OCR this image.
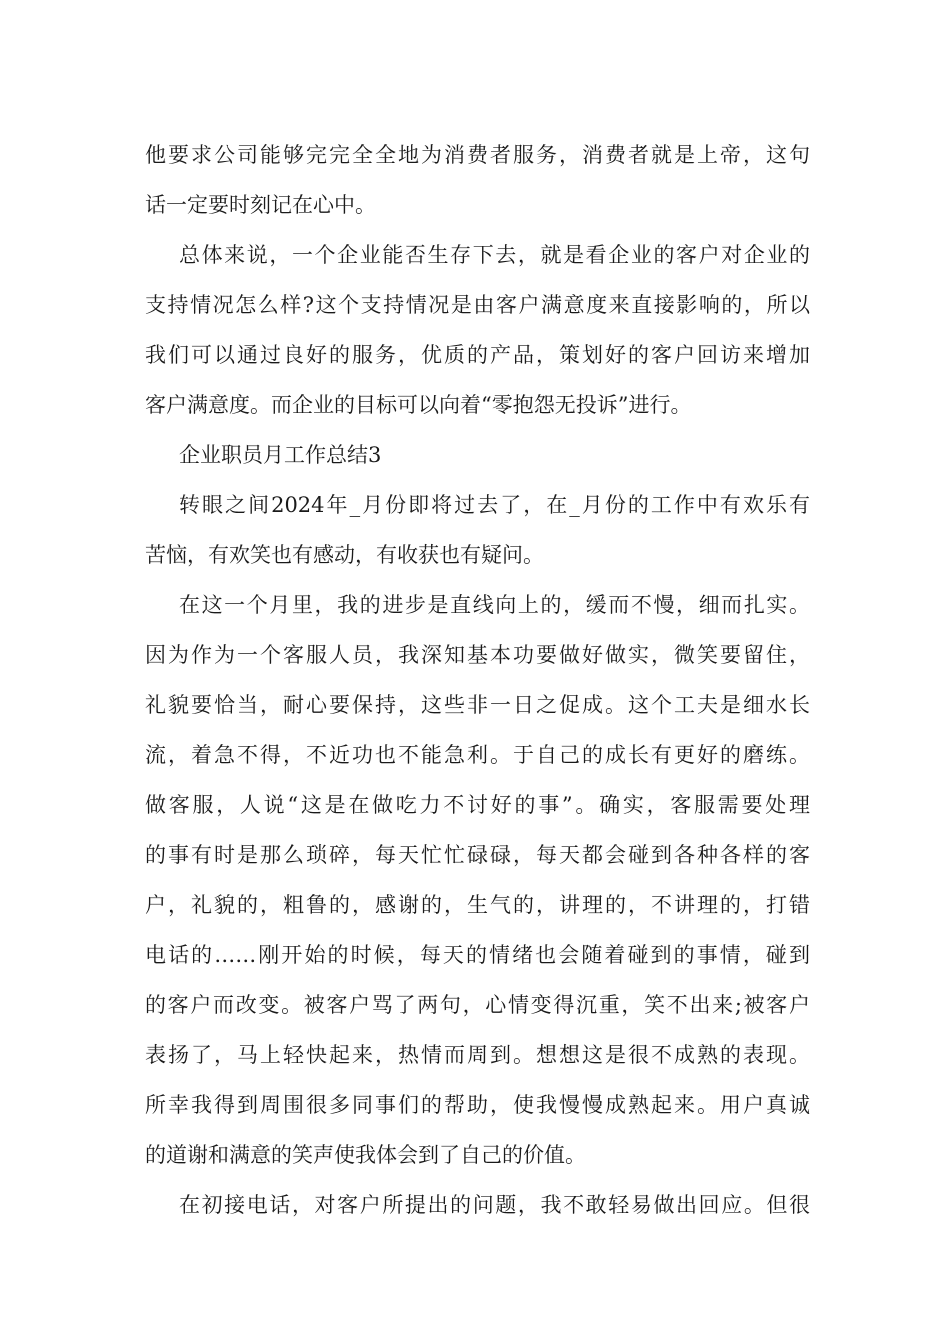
他要求公司能够完完全全地为消费者服务，消费者就是上帝，这句
话一定要时刻记在心中。
总体来说，一个企业能否生存下去，就是看企业的客户对企业的
支持情况怎么样?这个支持情况是由客户满意度来直接影响的，所以
我们可以通过良好的服务，优质的产品，策划好的客户回访来增加
客户满意度。而企业的目标可以向着“零抱怨无投诉”进行。
企业职员月工作总结3
转眼之间2024年_月份即将过去了，在_月份的工作中有欢乐有
苦恼，有欢笑也有感动，有收获也有疑问。
在这一个月里，我的进步是直线向上的，缓而不慢，细而扎实。
因为作为一个客服人员，我深知基本功要做好做实，微笑要留住，
礼貌要恰当，耐心要保持，这些非一日之促成。这个工夫是细水长
流，着急不得，不近功也不能急利。于自己的成长有更好的磨练。
做客服，人说“这是在做吃力不讨好的事”。确实，客服需要处理
的事有时是那么琐碎，每天忙忙碌碌，每天都会碰到各种各样的客
户，礼貌的，粗鲁的，感谢的，生气的，讲理的，不讲理的，打错
电话的……刚开始的时候，每天的情绪也会随着碰到的事情，碰到
的客户而改变。被客户骂了两句，心情变得沉重，笑不出来;被客户
表扬了，马上轻快起来，热情而周到。想想这是很不成熟的表现。
所幸我得到周围很多同事们的帮助，使我慢慢成熟起来。用户真诚
的道谢和满意的笑声使我体会到了自己的价值。
在初接电话，对客户所提出的问题，我不敢轻易做出回应。但很
